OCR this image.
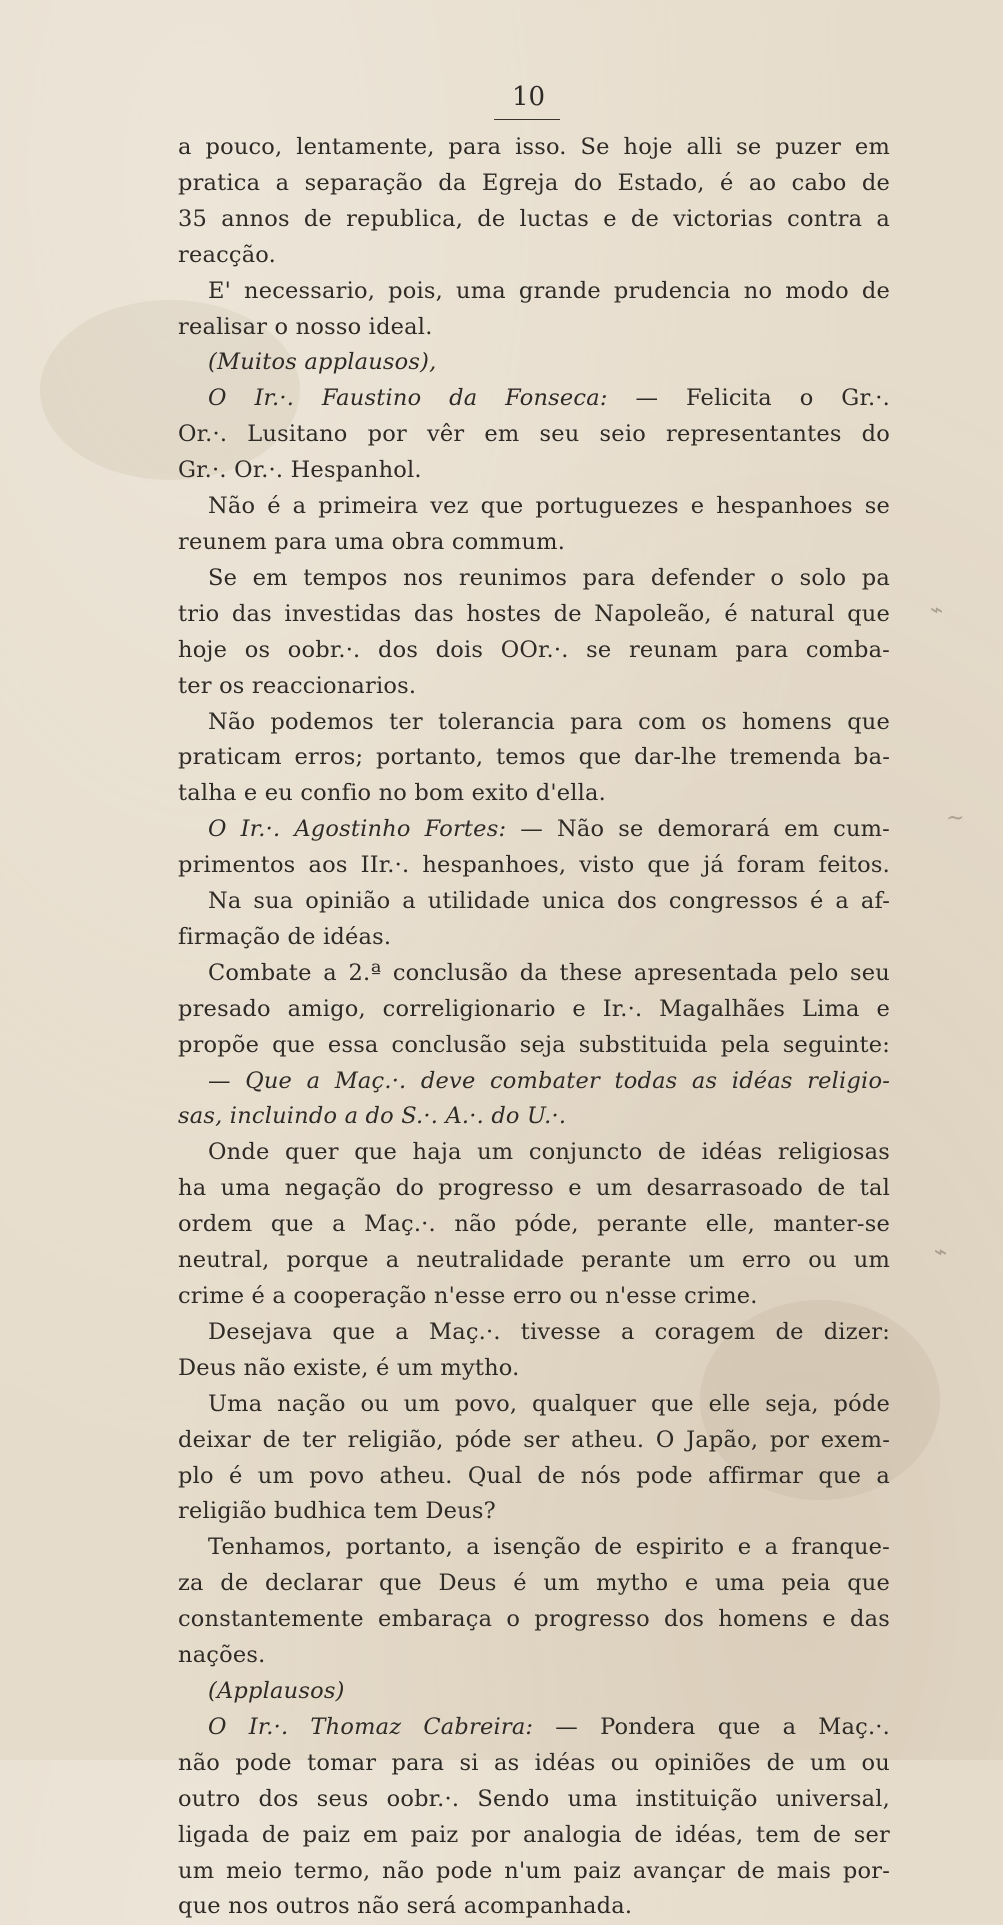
10
a pouco, lentamente, para isso. Se hoje alli se puzer em
pratica a separação da Egreja do Estado, é ao cabo de
35 annos de republica, de luctas e de victorias contra a
reacção.
E' necessario, pois, uma grande prudencia no modo de
realisar o nosso ideal.
(Muitos applausos),
O Ir.·. Faustino da Fonseca: — Felicita o Gr.·.
Or.·. Lusitano por vêr em seu seio representantes do
Gr.·. Or.·. Hespanhol.
Não é a primeira vez que portuguezes e hespanhoes se
reunem para uma obra commum.
Se em tempos nos reunimos para defender o solo pa
trio das investidas das hostes de Napoleão, é natural que
hoje os oobr.·. dos dois OOr.·. se reunam para comba-
ter os reaccionarios.
Não podemos ter tolerancia para com os homens que
praticam erros; portanto, temos que dar-lhe tremenda ba-
talha e eu confio no bom exito d'ella.
O Ir.·. Agostinho Fortes: — Não se demorará em cum-
primentos aos IIr.·. hespanhoes, visto que já foram feitos.
Na sua opinião a utilidade unica dos congressos é a af-
firmação de idéas.
Combate a 2.ª conclusão da these apresentada pelo seu
presado amigo, correligionario e Ir.·. Magalhães Lima e
propõe que essa conclusão seja substituida pela seguinte:
— Que a Maç.·. deve combater todas as idéas religio-
sas, incluindo a do S.·. A.·. do U.·.
Onde quer que haja um conjuncto de idéas religiosas
ha uma negação do progresso e um desarrasoado de tal
ordem que a Maç.·. não póde, perante elle, manter-se
neutral, porque a neutralidade perante um erro ou um
crime é a cooperação n'esse erro ou n'esse crime.
Desejava que a Maç.·. tivesse a coragem de dizer:
Deus não existe, é um mytho.
Uma nação ou um povo, qualquer que elle seja, póde
deixar de ter religião, póde ser atheu. O Japão, por exem-
plo é um povo atheu. Qual de nós pode affirmar que a
religião budhica tem Deus?
Tenhamos, portanto, a isenção de espirito e a franque-
za de declarar que Deus é um mytho e uma peia que
constantemente embaraça o progresso dos homens e das
nações.
(Applausos)
O Ir.·. Thomaz Cabreira: — Pondera que a Maç.·.
não pode tomar para si as idéas ou opiniões de um ou
outro dos seus oobr.·. Sendo uma instituição universal,
ligada de paiz em paiz por analogia de idéas, tem de ser
um meio termo, não pode n'um paiz avançar de mais por-
que nos outros não será acompanhada.
⌁
~
⌁
